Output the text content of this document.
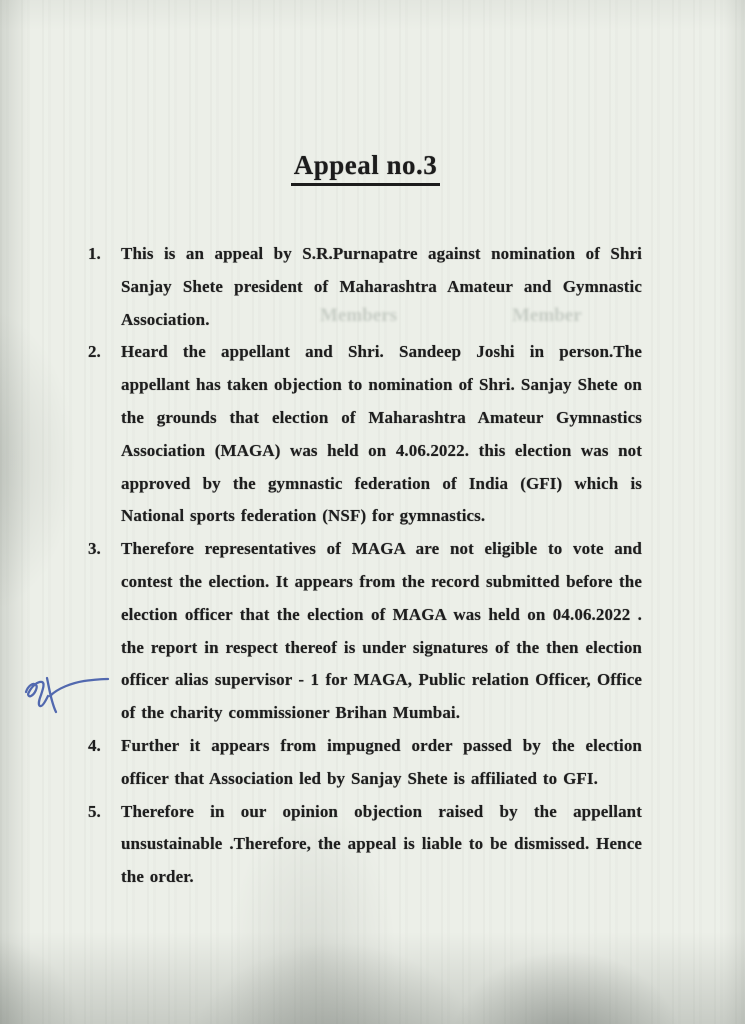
Members	Member
Appeal no.3
1.	This is an appeal by S.R.Purnapatre against nomination of Shri Sanjay Shete president of Maharashtra Amateur and Gymnastic Association.
2.	Heard the appellant and Shri. Sandeep Joshi in person.The appellant has taken objection to nomination of Shri. Sanjay Shete on the grounds that election of Maharashtra Amateur Gymnastics Association (MAGA) was held on 4.06.2022. this election was not approved by the gymnastic federation of India (GFI) which is National sports federation (NSF) for gymnastics.
3.	Therefore representatives of MAGA are not eligible to vote and contest the election. It appears from the record submitted before the election officer that the election of MAGA was held on 04.06.2022 . the report in respect thereof is under signatures of the then election officer alias supervisor - 1 for MAGA, Public relation Officer, Office of the charity commissioner Brihan Mumbai.
4.	Further it appears from impugned order passed by the election officer that Association led by Sanjay Shete is affiliated to GFI.
5.	Therefore in our opinion objection raised by the appellant unsustainable .Therefore, the appeal is liable to be dismissed. Hence the order.
